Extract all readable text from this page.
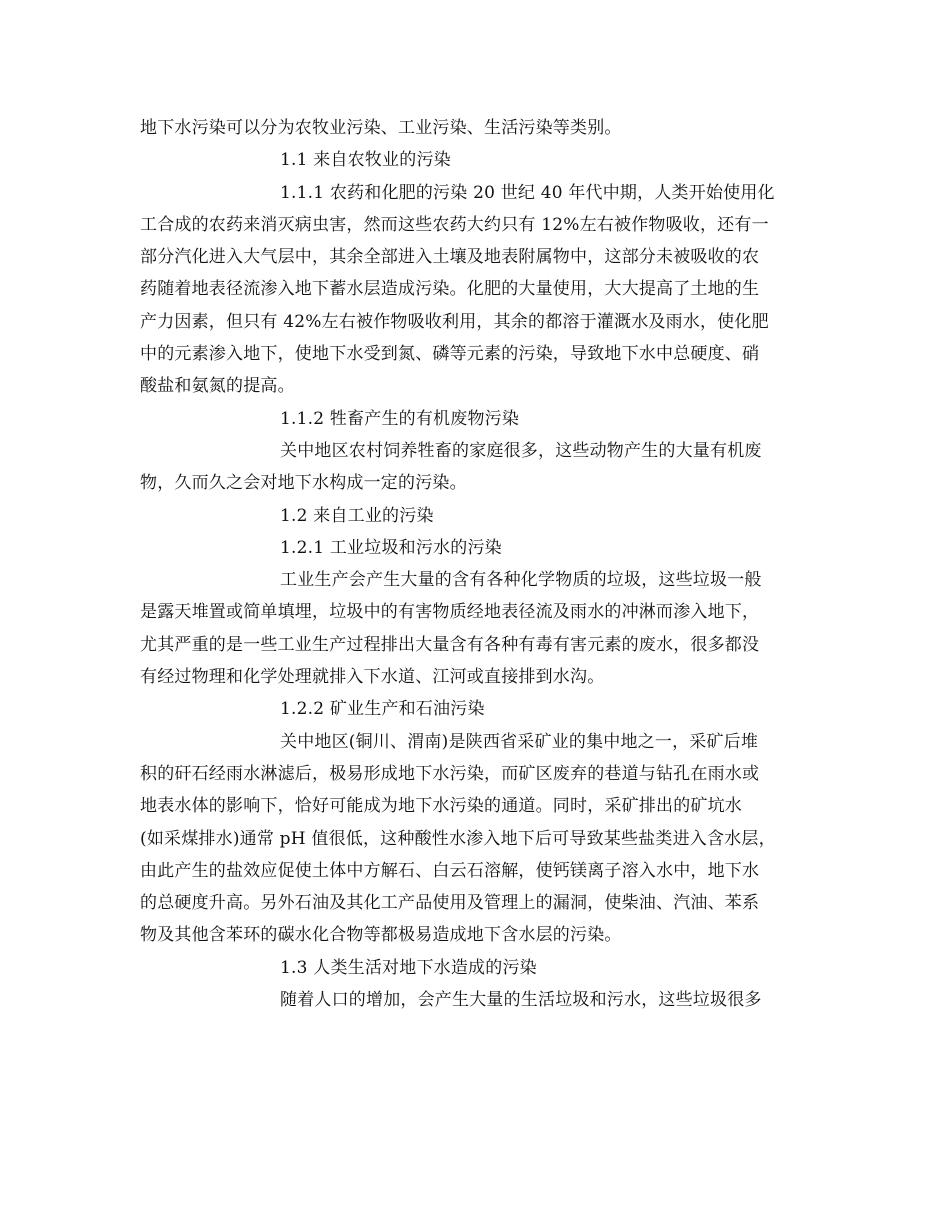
地下水污染可以分为农牧业污染、工业污染、生活污染等类别。
1.1 来自农牧业的污染
1.1.1 农药和化肥的污染 20 世纪 40 年代中期，人类开始使用化
工合成的农药来消灭病虫害，然而这些农药大约只有 12%左右被作物吸收，还有一
部分汽化进入大气层中，其余全部进入土壤及地表附属物中，这部分未被吸收的农
药随着地表径流渗入地下蓄水层造成污染。化肥的大量使用，大大提高了土地的生
产力因素，但只有 42%左右被作物吸收利用，其余的都溶于灌溉水及雨水，使化肥
中的元素渗入地下，使地下水受到氮、磷等元素的污染，导致地下水中总硬度、硝
酸盐和氨氮的提高。
1.1.2 牲畜产生的有机废物污染
关中地区农村饲养牲畜的家庭很多，这些动物产生的大量有机废
物，久而久之会对地下水构成一定的污染。
1.2 来自工业的污染
1.2.1 工业垃圾和污水的污染
工业生产会产生大量的含有各种化学物质的垃圾，这些垃圾一般
是露天堆置或简单填埋，垃圾中的有害物质经地表径流及雨水的冲淋而渗入地下，
尤其严重的是一些工业生产过程排出大量含有各种有毒有害元素的废水，很多都没
有经过物理和化学处理就排入下水道、江河或直接排到水沟。
1.2.2 矿业生产和石油污染
关中地区(铜川、渭南)是陕西省采矿业的集中地之一，采矿后堆
积的矸石经雨水淋滤后，极易形成地下水污染，而矿区废弃的巷道与钻孔在雨水或
地表水体的影响下，恰好可能成为地下水污染的通道。同时，采矿排出的矿坑水
(如采煤排水)通常 pH 值很低，这种酸性水渗入地下后可导致某些盐类进入含水层，
由此产生的盐效应促使土体中方解石、白云石溶解，使钙镁离子溶入水中，地下水
的总硬度升高。另外石油及其化工产品使用及管理上的漏洞，使柴油、汽油、苯系
物及其他含苯环的碳水化合物等都极易造成地下含水层的污染。
1.3 人类生活对地下水造成的污染
随着人口的增加，会产生大量的生活垃圾和污水，这些垃圾很多
